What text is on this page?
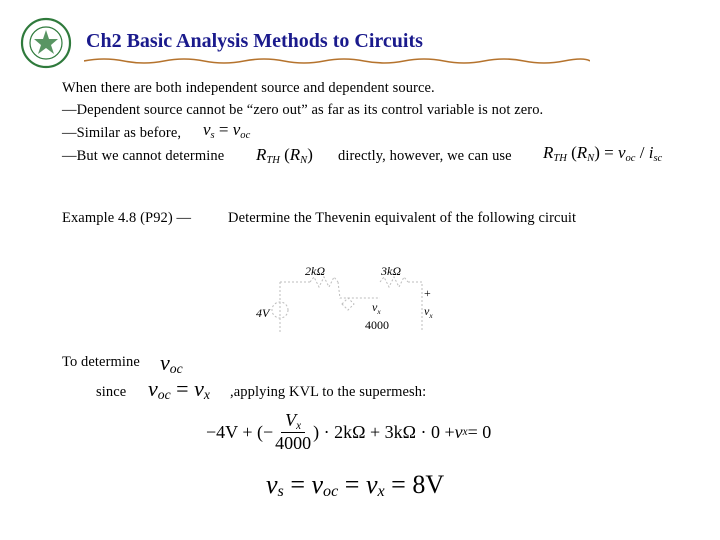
Ch2 Basic Analysis Methods to Circuits
When there are both independent source and dependent source.
—Dependent source cannot be “zero out” as far as its control variable is not zero.
—Similar as before, $v_s = v_{oc}$
—But we cannot determine $R_{TH}$ $(R_N)$ directly, however, we can use $R_{TH}$ $(R_N) = v_{oc} / i_{sc}$
Example 4.8 (P92) —	Determine the Thevenin equivalent of the following circuit
2kΩ	3kΩ
4V	$v_x$
4000
+
$v_x$
To determine $v_{oc}$
since $v_{oc} = v_x$ ,applying KVL to the supermesh:
−4V + (− $\frac{V_x}{4000}$ ) · 2kΩ + 3kΩ · 0 + v x = 0
$v_s = v_{oc} = v_x = 8V$
